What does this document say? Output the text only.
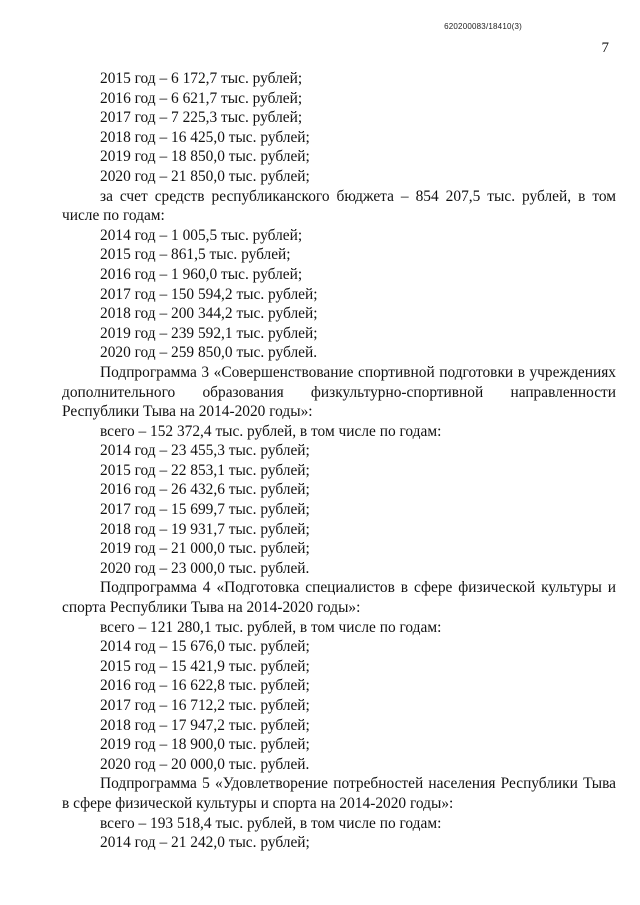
620200083/18410(3)
7

2015 год – 6 172,7 тыс. рублей;

2016 год – 6 621,7 тыс. рублей;

2017 год – 7 225,3 тыс. рублей;

2018 год – 16 425,0 тыс. рублей;

2019 год – 18 850,0 тыс. рублей;

2020 год – 21 850,0 тыс. рублей;

за счет средств республиканского бюджета – 854 207,5 тыс. рублей, в том числе по годам:

2014 год – 1 005,5 тыс. рублей;

2015 год – 861,5 тыс. рублей;

2016 год – 1 960,0 тыс. рублей;

2017 год – 150 594,2 тыс. рублей;

2018 год – 200 344,2 тыс. рублей;

2019 год – 239 592,1 тыс. рублей;

2020 год – 259 850,0 тыс. рублей.

Подпрограмма 3 «Совершенствование спортивной подготовки в учреждениях дополнительного образования физкультурно-спортивной направленности Республики Тыва на 2014-2020 годы»:

всего – 152 372,4 тыс. рублей, в том числе по годам:

2014 год – 23 455,3 тыс. рублей;

2015 год – 22 853,1 тыс. рублей;

2016 год – 26 432,6 тыс. рублей;

2017 год – 15 699,7 тыс. рублей;

2018 год – 19 931,7 тыс. рублей;

2019 год – 21 000,0 тыс. рублей;

2020 год – 23 000,0 тыс. рублей.

Подпрограмма 4 «Подготовка специалистов в сфере физической культуры и спорта Республики Тыва на 2014-2020 годы»:

всего – 121 280,1 тыс. рублей, в том числе по годам:

2014 год – 15 676,0 тыс. рублей;

2015 год – 15 421,9 тыс. рублей;

2016 год – 16 622,8 тыс. рублей;

2017 год – 16 712,2 тыс. рублей;

2018 год – 17 947,2 тыс. рублей;

2019 год – 18 900,0 тыс. рублей;

2020 год – 20 000,0 тыс. рублей.

Подпрограмма 5 «Удовлетворение потребностей населения Республики Тыва в сфере физической культуры и спорта на 2014-2020 годы»:

всего – 193 518,4 тыс. рублей, в том числе по годам:

2014 год – 21 242,0 тыс. рублей;
